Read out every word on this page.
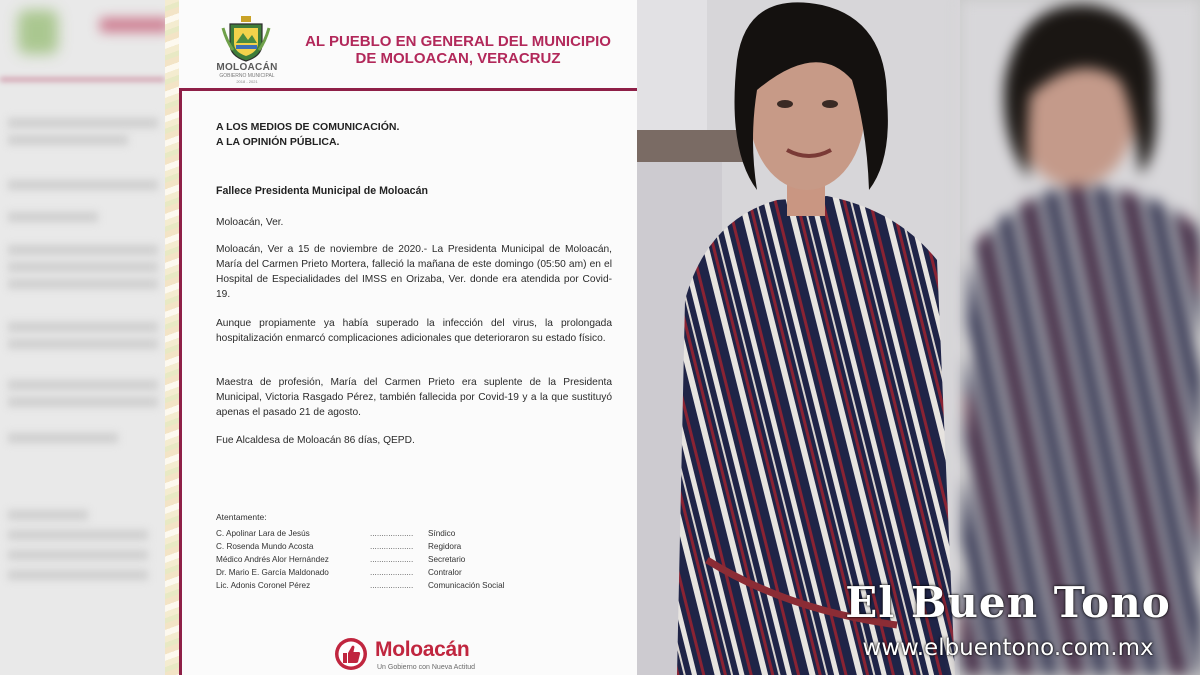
MOLOACÁN
GOBIERNO MUNICIPAL
2018 - 2021
AL PUEBLO EN GENERAL DEL MUNICIPIO
DE MOLOACAN, VERACRUZ
A LOS MEDIOS DE COMUNICACIÓN.
A LA OPINIÓN PÚBLICA.
Fallece Presidenta Municipal de Moloacán
Moloacán, Ver.
Moloacán, Ver a 15 de noviembre de 2020.- La Presidenta Municipal de Moloacán, María del Carmen Prieto Mortera, falleció la mañana de este domingo (05:50 am) en el Hospital de Especialidades del IMSS en Orizaba, Ver. donde era atendida por Covid-19.
Aunque propiamente ya había superado la infección del virus, la prolongada hospitalización enmarcó complicaciones adicionales que deterioraron su estado físico.
Maestra de profesión, María del Carmen Prieto era suplente de la Presidenta Municipal, Victoria Rasgado Pérez, también fallecida por Covid-19 y a la que sustituyó apenas el pasado 21 de agosto.
Fue Alcaldesa de Moloacán 86 días, QEPD.
Atentamente:
C. Apolinar Lara de Jesús	................... Síndico
C. Rosenda Mundo Acosta	................... Regidora
Médico Andrés Alor Hernández	................... Secretario
Dr. Mario E. García Maldonado	................... Contralor
Lic. Adonis Coronel Pérez	................... Comunicación Social
Moloacán
Un Gobierno con Nueva Actitud
El Buen Tono
www.elbuentono.com.mx
